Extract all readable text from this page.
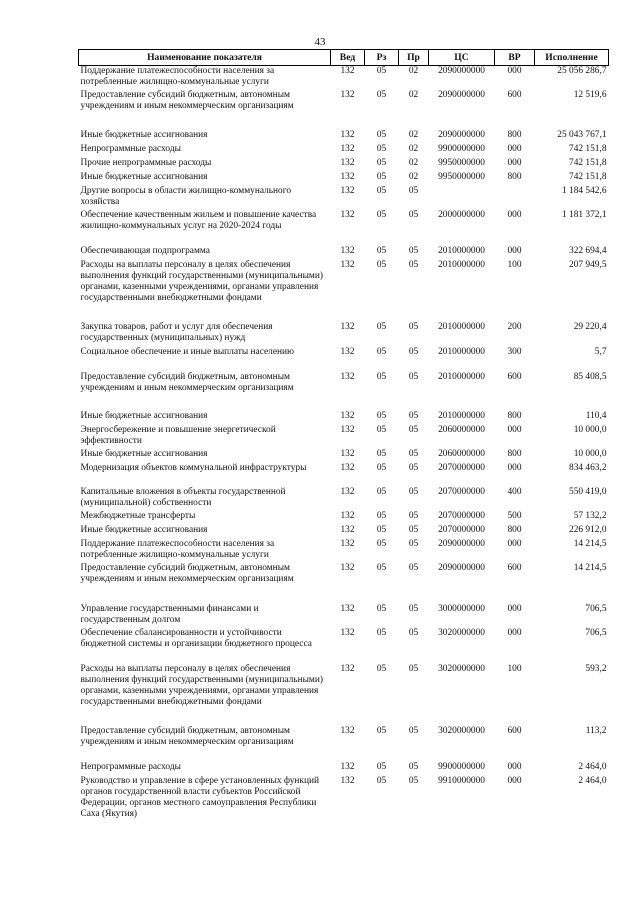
43
Наименование показателя	Вед	Рз	Пр	ЦС	ВР	Исполнение
Поддержание платежеспособности населения за потребленные жилищно-коммунальные услуги	132	05	02	2090000000	000	25 056 286,7
Предоставление субсидий бюджетным, автономным учреждениям и иным некоммерческим организациям	132	05	02	2090000000	600	12 519,6
Иные бюджетные ассигнования	132	05	02	2090000000	800	25 043 767,1
Непрограммные расходы	132	05	02	9900000000	000	742 151,8
Прочие непрограммные расходы	132	05	02	9950000000	000	742 151,8
Иные бюджетные ассигнования	132	05	02	9950000000	800	742 151,8
Другие вопросы в области жилищно-коммунального хозяйства	132	05	05			1 184 542,6
Обеспечение качественным жильем и повышение качества жилищно-коммунальных услуг на 2020-2024 годы	132	05	05	2000000000	000	1 181 372,1
Обеспечивающая подпрограмма	132	05	05	2010000000	000	322 694,4
Расходы на выплаты персоналу в целях обеспечения выполнения функций государственными (муниципальными) органами, казенными учреждениями, органами управления государственными внебюджетными фондами	132	05	05	2010000000	100	207 949,5
Закупка товаров, работ и услуг для обеспечения государственных (муниципальных) нужд	132	05	05	2010000000	200	29 220,4
Социальное обеспечение и иные выплаты населению	132	05	05	2010000000	300	5,7
Предоставление субсидий бюджетным, автономным учреждениям и иным некоммерческим организациям	132	05	05	2010000000	600	85 408,5
Иные бюджетные ассигнования	132	05	05	2010000000	800	110,4
Энергосбережение и повышение энергетической эффективности	132	05	05	2060000000	000	10 000,0
Иные бюджетные ассигнования	132	05	05	2060000000	800	10 000,0
Модернизация объектов коммунальной инфраструктуры	132	05	05	2070000000	000	834 463,2
Капитальные вложения в объекты государственной (муниципальной) собственности	132	05	05	2070000000	400	550 419,0
Межбюджетные трансферты	132	05	05	2070000000	500	57 132,2
Иные бюджетные ассигнования	132	05	05	2070000000	800	226 912,0
Поддержание платежеспособности населения за потребленные жилищно-коммунальные услуги	132	05	05	2090000000	000	14 214,5
Предоставление субсидий бюджетным, автономным учреждениям и иным некоммерческим организациям	132	05	05	2090000000	600	14 214,5
Управление государственными финансами и государственным долгом	132	05	05	3000000000	000	706,5
Обеспечение сбалансированности и устойчивости бюджетной системы и организации бюджетного процесса	132	05	05	3020000000	000	706,5
Расходы на выплаты персоналу в целях обеспечения выполнения функций государственными (муниципальными) органами, казенными учреждениями, органами управления государственными внебюджетными фондами	132	05	05	3020000000	100	593,2
Предоставление субсидий бюджетным, автономным учреждениям и иным некоммерческим организациям	132	05	05	3020000000	600	113,2
Непрограммные расходы	132	05	05	9900000000	000	2 464,0
Руководство и управление в сфере установленных функций органов государственной власти субъектов Российской Федерации, органов местного самоуправления Республики Саха (Якутия)	132	05	05	9910000000	000	2 464,0
